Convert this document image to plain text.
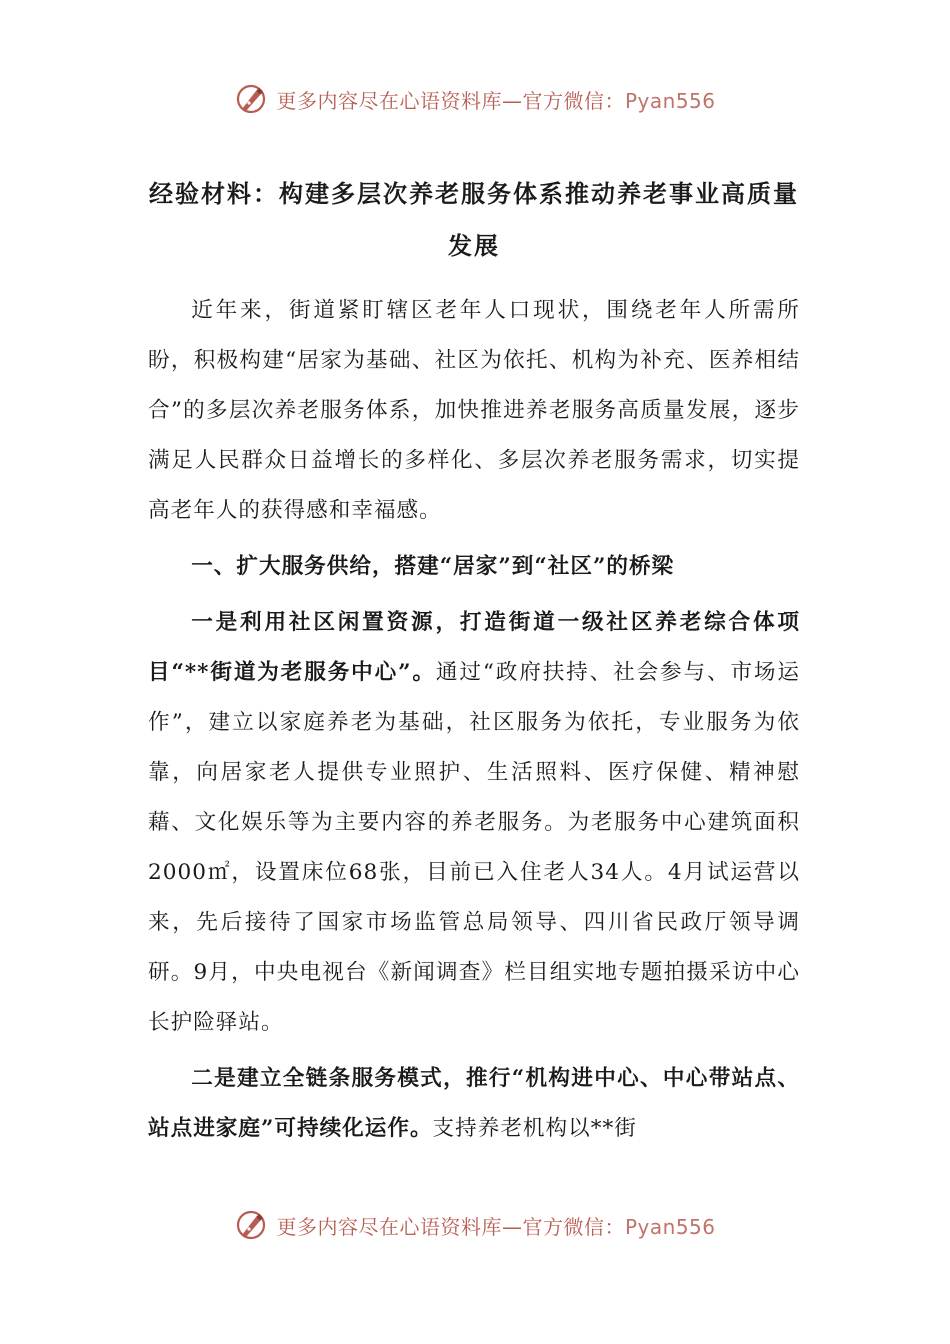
更多内容尽在心语资料库—官方微信：Pyan556
经验材料：构建多层次养老服务体系推动养老事业高质量发展

近年来，街道紧盯辖区老年人口现状，围绕老年人所需所盼，积极构建“居家为基础、社区为依托、机构为补充、医养相结合”的多层次养老服务体系，加快推进养老服务高质量发展，逐步满足人民群众日益增长的多样化、多层次养老服务需求，切实提高老年人的获得感和幸福感。

一、扩大服务供给，搭建“居家”到“社区”的桥梁

一是利用社区闲置资源，打造街道一级社区养老综合体项目“**街道为老服务中心”。通过“政府扶持、社会参与、市场运作”，建立以家庭养老为基础，社区服务为依托，专业服务为依靠，向居家老人提供专业照护、生活照料、医疗保健、精神慰藉、文化娱乐等为主要内容的养老服务。为老服务中心建筑面积2000㎡，设置床位68张，目前已入住老人34人。4月试运营以来，先后接待了国家市场监管总局领导、四川省民政厅领导调研。9月，中央电视台《新闻调查》栏目组实地专题拍摄采访中心长护险驿站。

二是建立全链条服务模式，推行“机构进中心、中心带站点、站点进家庭”可持续化运作。支持养老机构以**街

更多内容尽在心语资料库—官方微信：Pyan556
